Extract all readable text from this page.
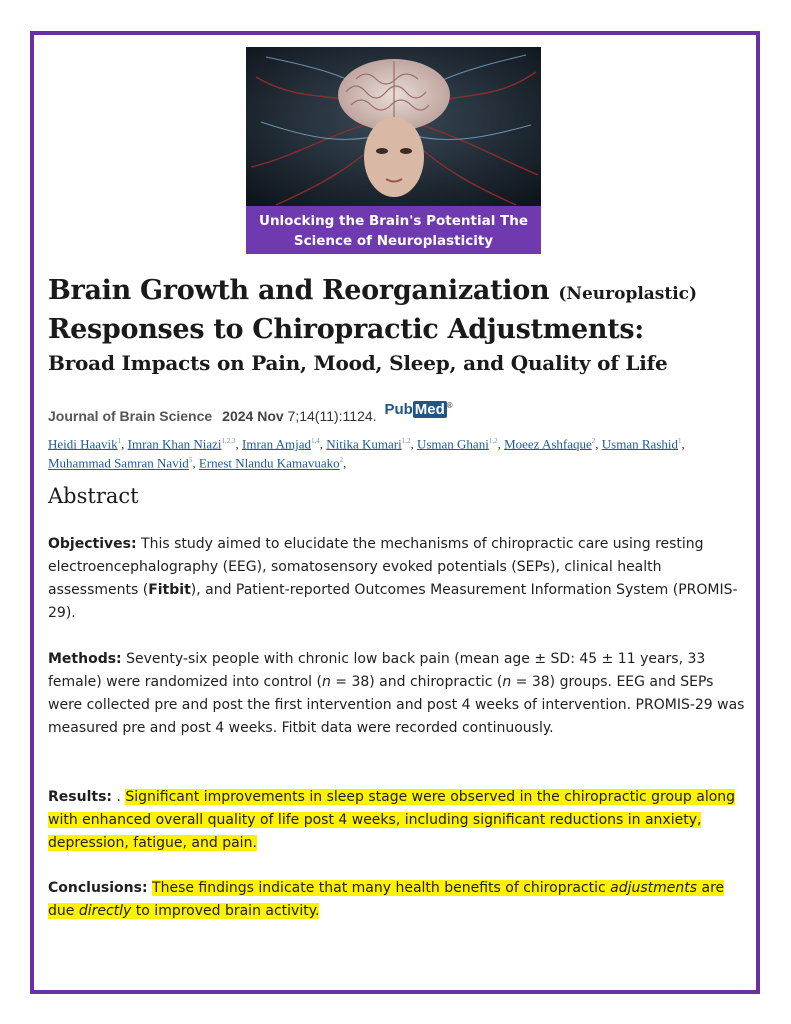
Unlocking the Brain's Potential The
Science of Neuroplasticity
Brain Growth and Reorganization (Neuroplastic)
Responses to Chiropractic Adjustments:
Broad Impacts on Pain, Mood, Sleep, and Quality of Life
Journal of Brain Science 2024 Nov 7;14(11):1124. Pub Med ®
Heidi Haavik$^1$, Imran Khan Niazi$^{1,2,3}$, Imran Amjad$^{1,4}$, Nitika Kumari$^{1,2}$, Usman Ghani$^{1,2}$, Moeez Ashfaque$^2$, Usman Rashid$^1$, Muhammad Samran Navid$^5$, Ernest Nlandu Kamavuako$^2$,
Abstract

Objectives: This study aimed to elucidate the mechanisms of chiropractic care using resting electroencephalography (EEG), somatosensory evoked potentials (SEPs), clinical health assessments (Fitbit), and Patient-reported Outcomes Measurement Information System (PROMIS-29).

Methods: Seventy-six people with chronic low back pain (mean age ± SD: 45 ± 11 years, 33 female) were randomized into control (n = 38) and chiropractic (n = 38) groups. EEG and SEPs were collected pre and post the first intervention and post 4 weeks of intervention. PROMIS-29 was measured pre and post 4 weeks. Fitbit data were recorded continuously.

Results: . Significant improvements in sleep stage were observed in the chiropractic group along with enhanced overall quality of life post 4 weeks, including significant reductions in anxiety, depression, fatigue, and pain.

Conclusions: These findings indicate that many health benefits of chiropractic adjustments are due directly to improved brain activity.
